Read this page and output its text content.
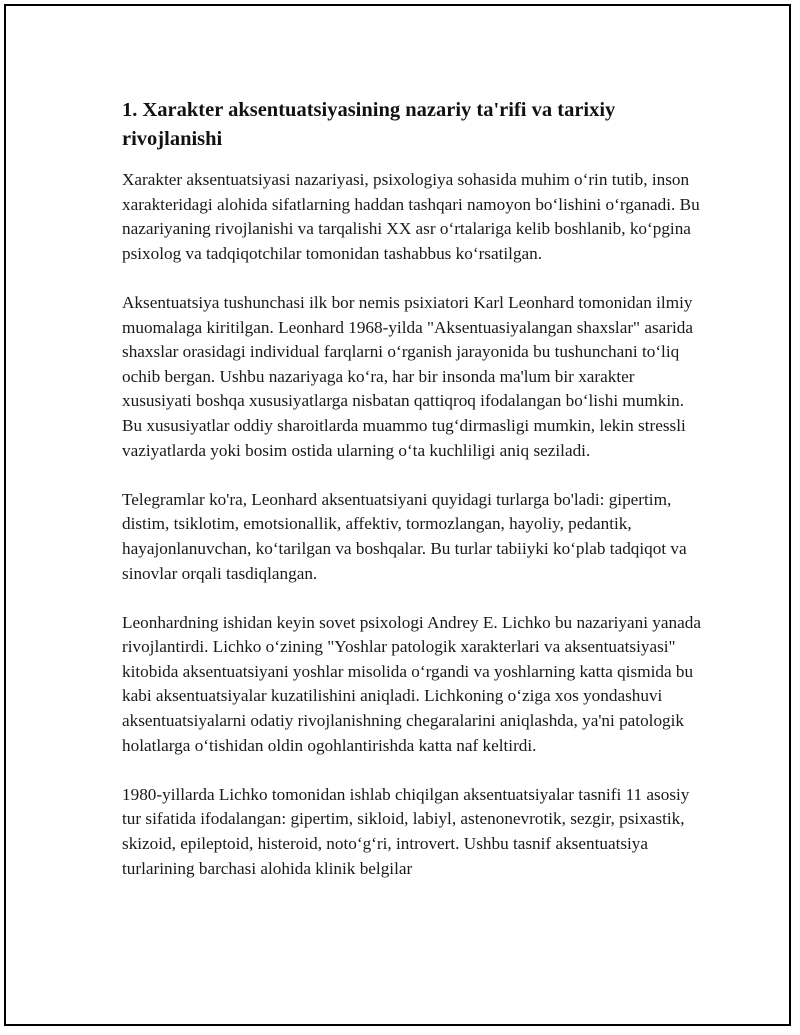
1. Xarakter aksentuatsiyasining nazariy ta'rifi va tarixiy rivojlanishi

Xarakter aksentuatsiyasi nazariyasi, psixologiya sohasida muhim o‘rin tutib, inson xarakteridagi alohida sifatlarning haddan tashqari namoyon bo‘lishini o‘rganadi. Bu nazariyaning rivojlanishi va tarqalishi XX asr o‘rtalariga kelib boshlanib, ko‘pgina psixolog va tadqiqotchilar tomonidan tashabbus ko‘rsatilgan.

Aksentuatsiya tushunchasi ilk bor nemis psixiatori Karl Leonhard tomonidan ilmiy muomalaga kiritilgan. Leonhard 1968-yilda "Aksentuasiyalangan shaxslar" asarida shaxslar orasidagi individual farqlarni o‘rganish jarayonida bu tushunchani to‘liq ochib bergan. Ushbu nazariyaga ko‘ra, har bir insonda ma'lum bir xarakter xususiyati boshqa xususiyatlarga nisbatan qattiqroq ifodalangan bo‘lishi mumkin. Bu xususiyatlar oddiy sharoitlarda muammo tug‘dirmasligi mumkin, lekin stressli vaziyatlarda yoki bosim ostida ularning o‘ta kuchliligi aniq seziladi.

Telegramlar ko'ra, Leonhard aksentuatsiyani quyidagi turlarga bo'ladi: gipertim, distim, tsiklotim, emotsionallik, affektiv, tormozlangan, hayoliy, pedantik, hayajonlanuvchan, ko‘tarilgan va boshqalar. Bu turlar tabiiyki ko‘plab tadqiqot va sinovlar orqali tasdiqlangan.

Leonhardning ishidan keyin sovet psixologi Andrey E. Lichko bu nazariyani yanada rivojlantirdi. Lichko o‘zining "Yoshlar patologik xarakterlari va aksentuatsiyasi" kitobida aksentuatsiyani yoshlar misolida o‘rgandi va yoshlarning katta qismida bu kabi aksentuatsiyalar kuzatilishini aniqladi. Lichkoning o‘ziga xos yondashuvi aksentuatsiyalarni odatiy rivojlanishning chegaralarini aniqlashda, ya'ni patologik holatlarga o‘tishidan oldin ogohlantirishda katta naf keltirdi.

1980-yillarda Lichko tomonidan ishlab chiqilgan aksentuatsiyalar tasnifi 11 asosiy tur sifatida ifodalangan: gipertim, sikloid, labiyl, astenonevrotik, sezgir, psixastik, skizoid, epileptoid, histeroid, noto‘g‘ri, introvert. Ushbu tasnif aksentuatsiya turlarining barchasi alohida klinik belgilar
